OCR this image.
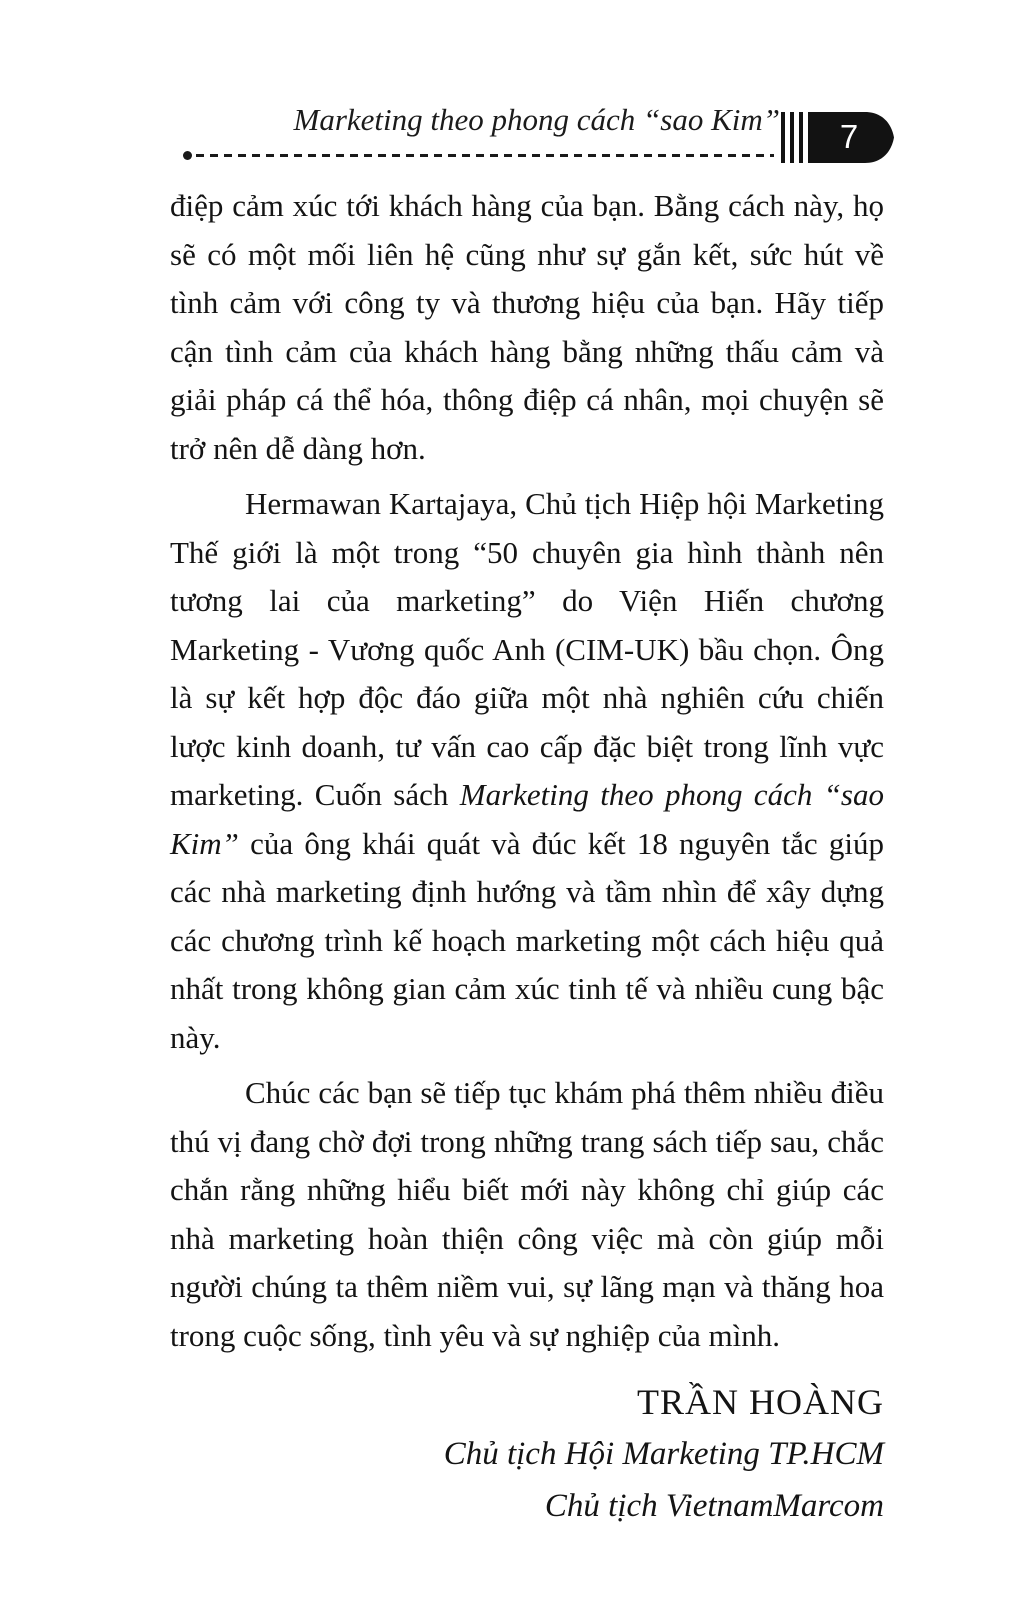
Marketing theo phong cách “sao Kim” 7

điệp cảm xúc tới khách hàng của bạn. Bằng cách này, họ sẽ có một mối liên hệ cũng như sự gắn kết, sức hút về tình cảm với công ty và thương hiệu của bạn. Hãy tiếp cận tình cảm của khách hàng bằng những thấu cảm và giải pháp cá thể hóa, thông điệp cá nhân, mọi chuyện sẽ trở nên dễ dàng hơn.

Hermawan Kartajaya, Chủ tịch Hiệp hội Marketing Thế giới là một trong “50 chuyên gia hình thành nên tương lai của marketing” do Viện Hiến chương Marketing - Vương quốc Anh (CIM-UK) bầu chọn. Ông là sự kết hợp độc đáo giữa một nhà nghiên cứu chiến lược kinh doanh, tư vấn cao cấp đặc biệt trong lĩnh vực marketing. Cuốn sách Marketing theo phong cách “sao Kim” của ông khái quát và đúc kết 18 nguyên tắc giúp các nhà marketing định hướng và tầm nhìn để xây dựng các chương trình kế hoạch marketing một cách hiệu quả nhất trong không gian cảm xúc tinh tế và nhiều cung bậc này.

Chúc các bạn sẽ tiếp tục khám phá thêm nhiều điều thú vị đang chờ đợi trong những trang sách tiếp sau, chắc chắn rằng những hiểu biết mới này không chỉ giúp các nhà marketing hoàn thiện công việc mà còn giúp mỗi người chúng ta thêm niềm vui, sự lãng mạn và thăng hoa trong cuộc sống, tình yêu và sự nghiệp của mình.

TRẦN HOÀNG
Chủ tịch Hội Marketing TP.HCM
Chủ tịch VietnamMarcom
